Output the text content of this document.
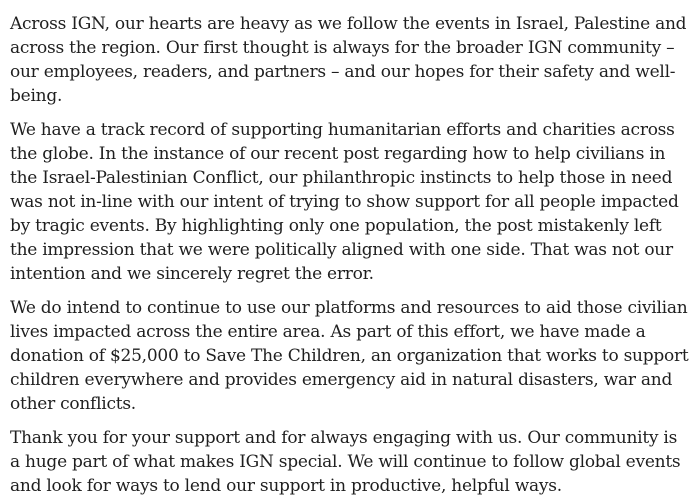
Across IGN, our hearts are heavy as we follow the events in Israel, Palestine and across the region. Our first thought is always for the broader IGN community – our employees, readers, and partners – and our hopes for their safety and well-being.

We have a track record of supporting humanitarian efforts and charities across the globe. In the instance of our recent post regarding how to help civilians in the Israel-Palestinian Conflict, our philanthropic instincts to help those in need was not in-line with our intent of trying to show support for all people impacted by tragic events. By highlighting only one population, the post mistakenly left the impression that we were politically aligned with one side. That was not our intention and we sincerely regret the error.

We do intend to continue to use our platforms and resources to aid those civilian lives impacted across the entire area. As part of this effort, we have made a donation of $25,000 to Save The Children, an organization that works to support children everywhere and provides emergency aid in natural disasters, war and other conflicts.

Thank you for your support and for always engaging with us. Our community is a huge part of what makes IGN special. We will continue to follow global events and look for ways to lend our support in productive, helpful ways.
